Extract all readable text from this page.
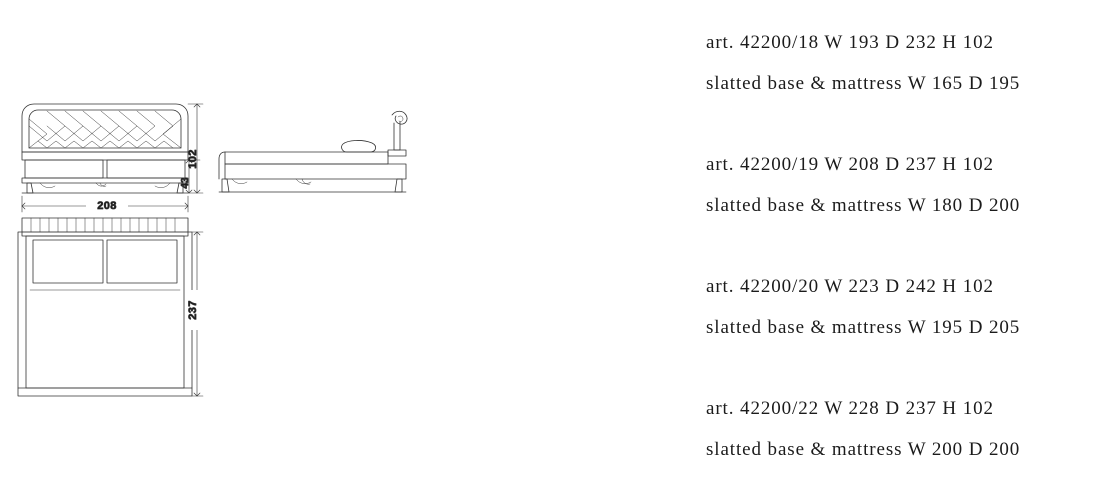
102
43
208
237
art. 42200/18 W 193 D 232 H 102
slatted base & mattress W 165 D 195
art. 42200/19 W 208 D 237 H 102
slatted base & mattress W 180 D 200
art. 42200/20 W 223 D 242 H 102
slatted base & mattress W 195 D 205
art. 42200/22 W 228 D 237 H 102
slatted base & mattress W 200 D 200
